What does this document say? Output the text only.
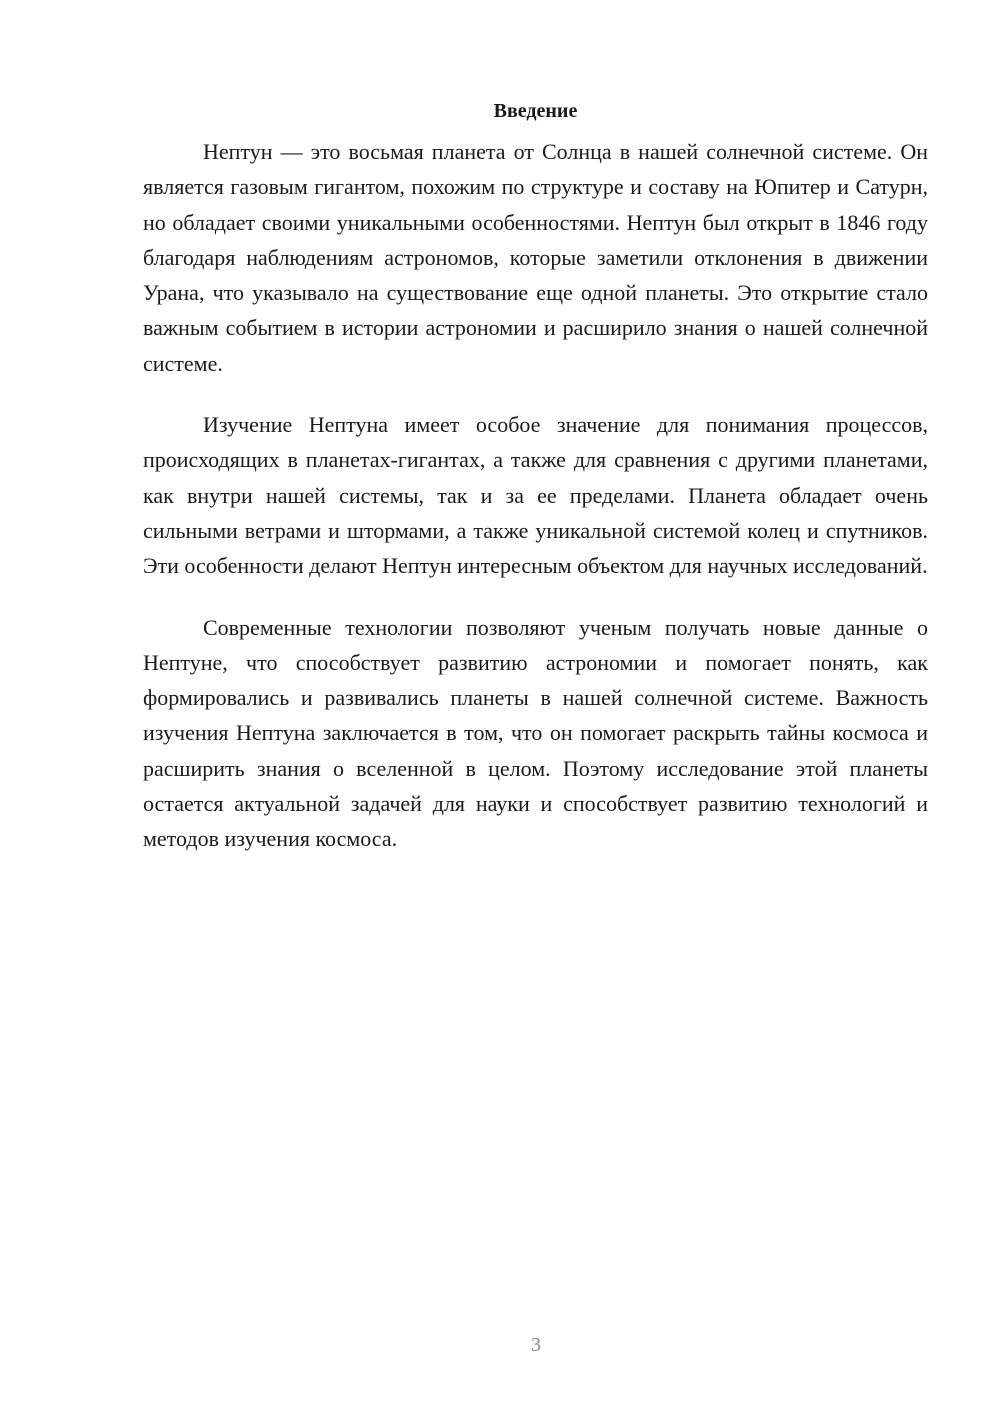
Введение

Нептун — это восьмая планета от Солнца в нашей солнечной системе. Он является газовым гигантом, похожим по структуре и составу на Юпитер и Сатурн, но обладает своими уникальными особенностями. Нептун был открыт в 1846 году благодаря наблюдениям астрономов, которые заметили отклонения в движении Урана, что указывало на существование еще одной планеты. Это открытие стало важным событием в истории астрономии и расширило знания о нашей солнечной системе.

Изучение Нептуна имеет особое значение для понимания процессов, происходящих в планетах-гигантах, а также для сравнения с другими планетами, как внутри нашей системы, так и за ее пределами. Планета обладает очень сильными ветрами и штормами, а также уникальной системой колец и спутников. Эти особенности делают Нептун интересным объектом для научных исследований.

Современные технологии позволяют ученым получать новые данные о Нептуне, что способствует развитию астрономии и помогает понять, как формировались и развивались планеты в нашей солнечной системе. Важность изучения Нептуна заключается в том, что он помогает раскрыть тайны космоса и расширить знания о вселенной в целом. Поэтому исследование этой планеты остается актуальной задачей для науки и способствует развитию технологий и методов изучения космоса.

3
